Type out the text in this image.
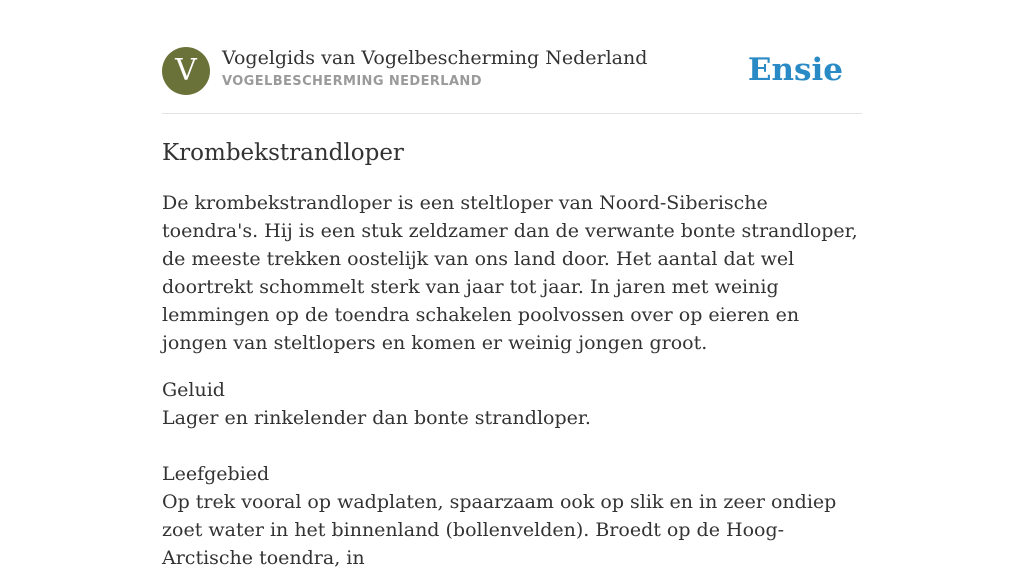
V	Vogelgids van Vogelbescherming Nederland
VOGELBESCHERMING NEDERLAND	Ensie
Krombekstrandloper

De krombekstrandloper is een steltloper van Noord-Siberische toendra's. Hij is een stuk zeldzamer dan de verwante bonte strandloper, de meeste trekken oostelijk van ons land door. Het aantal dat wel doortrekt schommelt sterk van jaar tot jaar. In jaren met weinig lemmingen op de toendra schakelen poolvossen over op eieren en jongen van steltlopers en komen er weinig jongen groot.

Geluid
Lager en rinkelender dan bonte strandloper.
Leefgebied
Op trek vooral op wadplaten, spaarzaam ook op slik en in zeer ondiep zoet water in het binnenland (bollenvelden). Broedt op de Hoog-Arctische toendra, in
